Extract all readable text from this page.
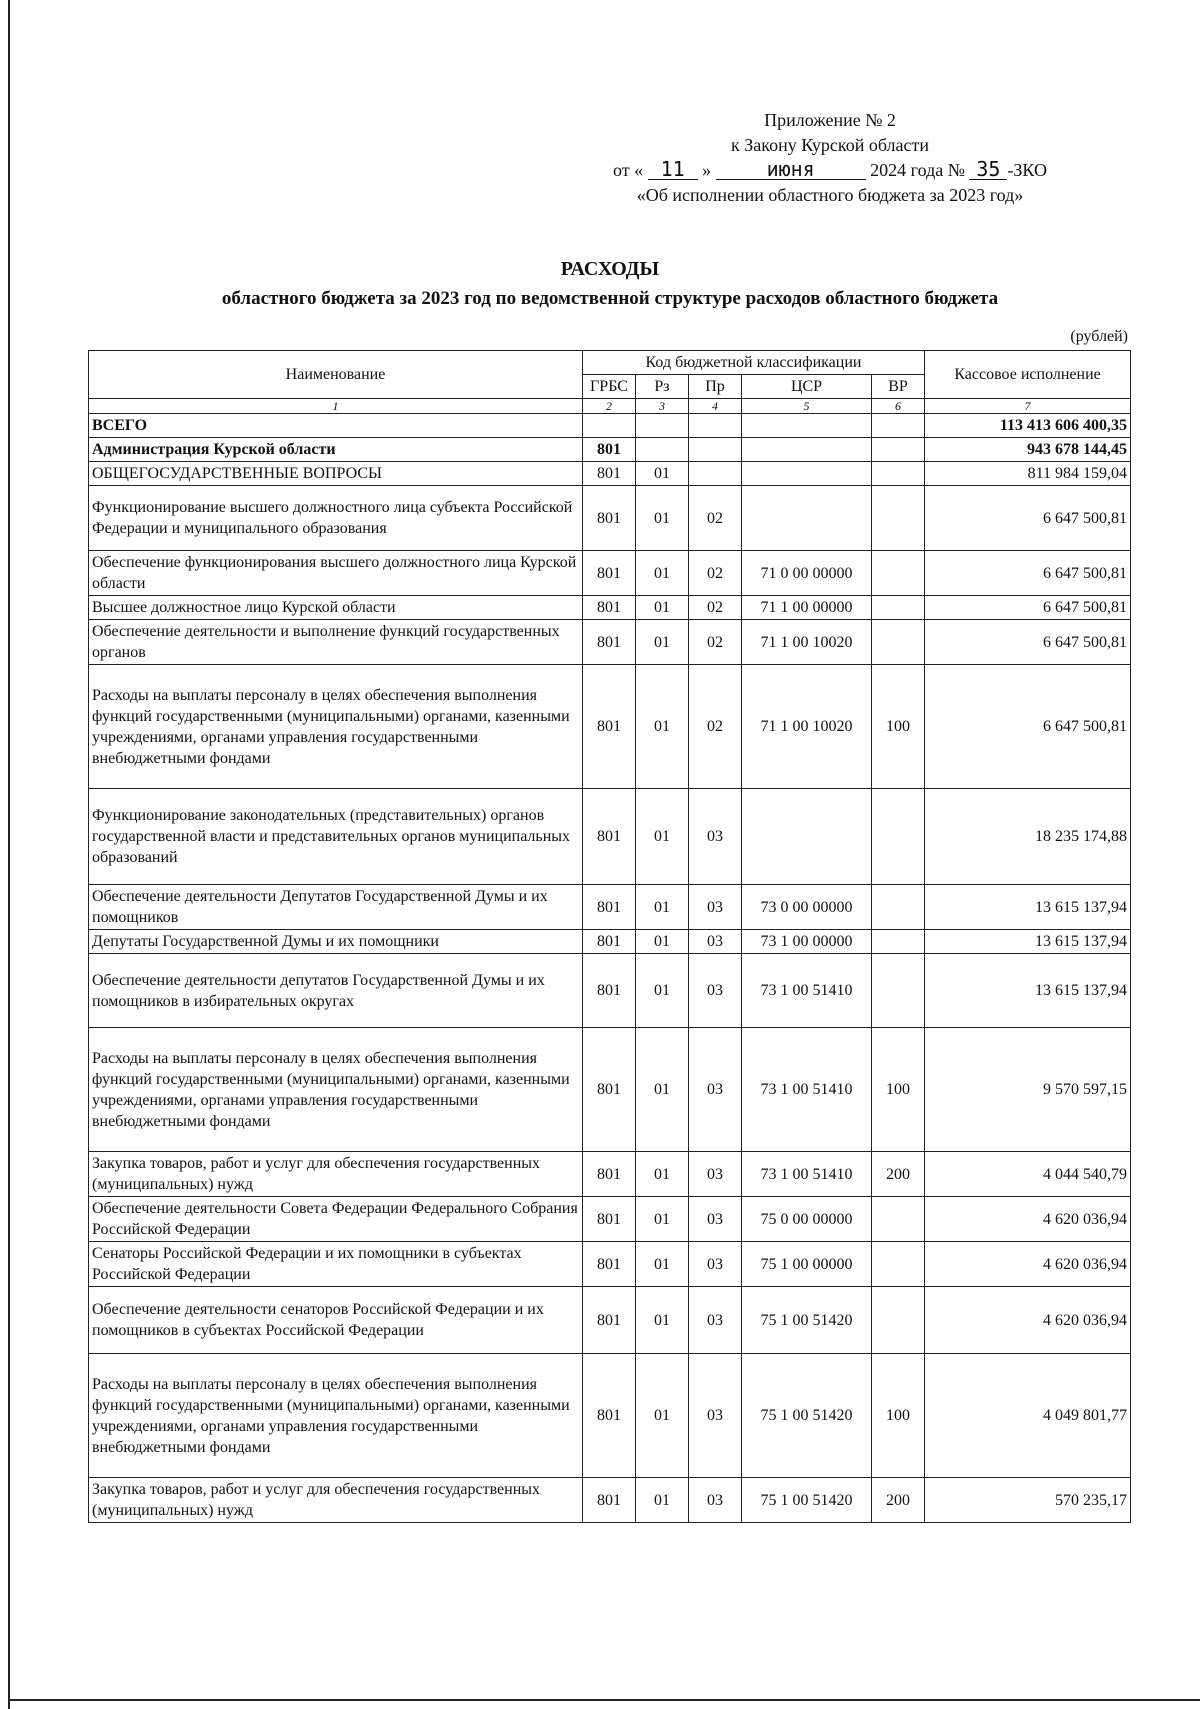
Приложение № 2
к Закону Курской области
от « 11 »	июня	2024 года № 35 -ЗКО
«Об исполнении областного бюджета за 2023 год»
РАСХОДЫ
областного бюджета за 2023 год по ведомственной структуре расходов областного бюджета
(рублей)
Наименование	Код бюджетной классификации					Кассовое исполнение
	ГРБС	Рз	Пр	ЦСР	ВР	
1	2	3	4	5	6	7
ВСЕГО						113 413 606 400,35
Администрация Курской области	801					943 678 144,45
ОБЩЕГОСУДАРСТВЕННЫЕ ВОПРОСЫ	801	01				811 984 159,04
Функционирование высшего должностного лица субъекта Российской Федерации и муниципального образования	801	01	02			6 647 500,81
Обеспечение функционирования высшего должностного лица Курской области	801	01	02	71 0 00 00000		6 647 500,81
Высшее должностное лицо Курской области	801	01	02	71 1 00 00000		6 647 500,81
Обеспечение деятельности и выполнение функций государственных органов	801	01	02	71 1 00 10020		6 647 500,81
Расходы на выплаты персоналу в целях обеспечения выполнения функций государственными (муниципальными) органами, казенными учреждениями, органами управления государственными внебюджетными фондами	801	01	02	71 1 00 10020	100	6 647 500,81
Функционирование законодательных (представительных) органов государственной власти и представительных органов муниципальных образований	801	01	03			18 235 174,88
Обеспечение деятельности Депутатов Государственной Думы и их помощников	801	01	03	73 0 00 00000		13 615 137,94
Депутаты Государственной Думы и их помощники	801	01	03	73 1 00 00000		13 615 137,94
Обеспечение деятельности депутатов Государственной Думы и их помощников в избирательных округах	801	01	03	73 1 00 51410		13 615 137,94
Расходы на выплаты персоналу в целях обеспечения выполнения функций государственными (муниципальными) органами, казенными учреждениями, органами управления государственными внебюджетными фондами	801	01	03	73 1 00 51410	100	9 570 597,15
Закупка товаров, работ и услуг для обеспечения государственных (муниципальных) нужд	801	01	03	73 1 00 51410	200	4 044 540,79
Обеспечение деятельности Совета Федерации Федерального Собрания Российской Федерации	801	01	03	75 0 00 00000		4 620 036,94
Сенаторы Российской Федерации и их помощники в субъектах Российской Федерации	801	01	03	75 1 00 00000		4 620 036,94
Обеспечение деятельности сенаторов Российской Федерации и их помощников в субъектах Российской Федерации	801	01	03	75 1 00 51420		4 620 036,94
Расходы на выплаты персоналу в целях обеспечения выполнения функций государственными (муниципальными) органами, казенными учреждениями, органами управления государственными внебюджетными фондами	801	01	03	75 1 00 51420	100	4 049 801,77
Закупка товаров, работ и услуг для обеспечения государственных (муниципальных) нужд	801	01	03	75 1 00 51420	200	570 235,17
